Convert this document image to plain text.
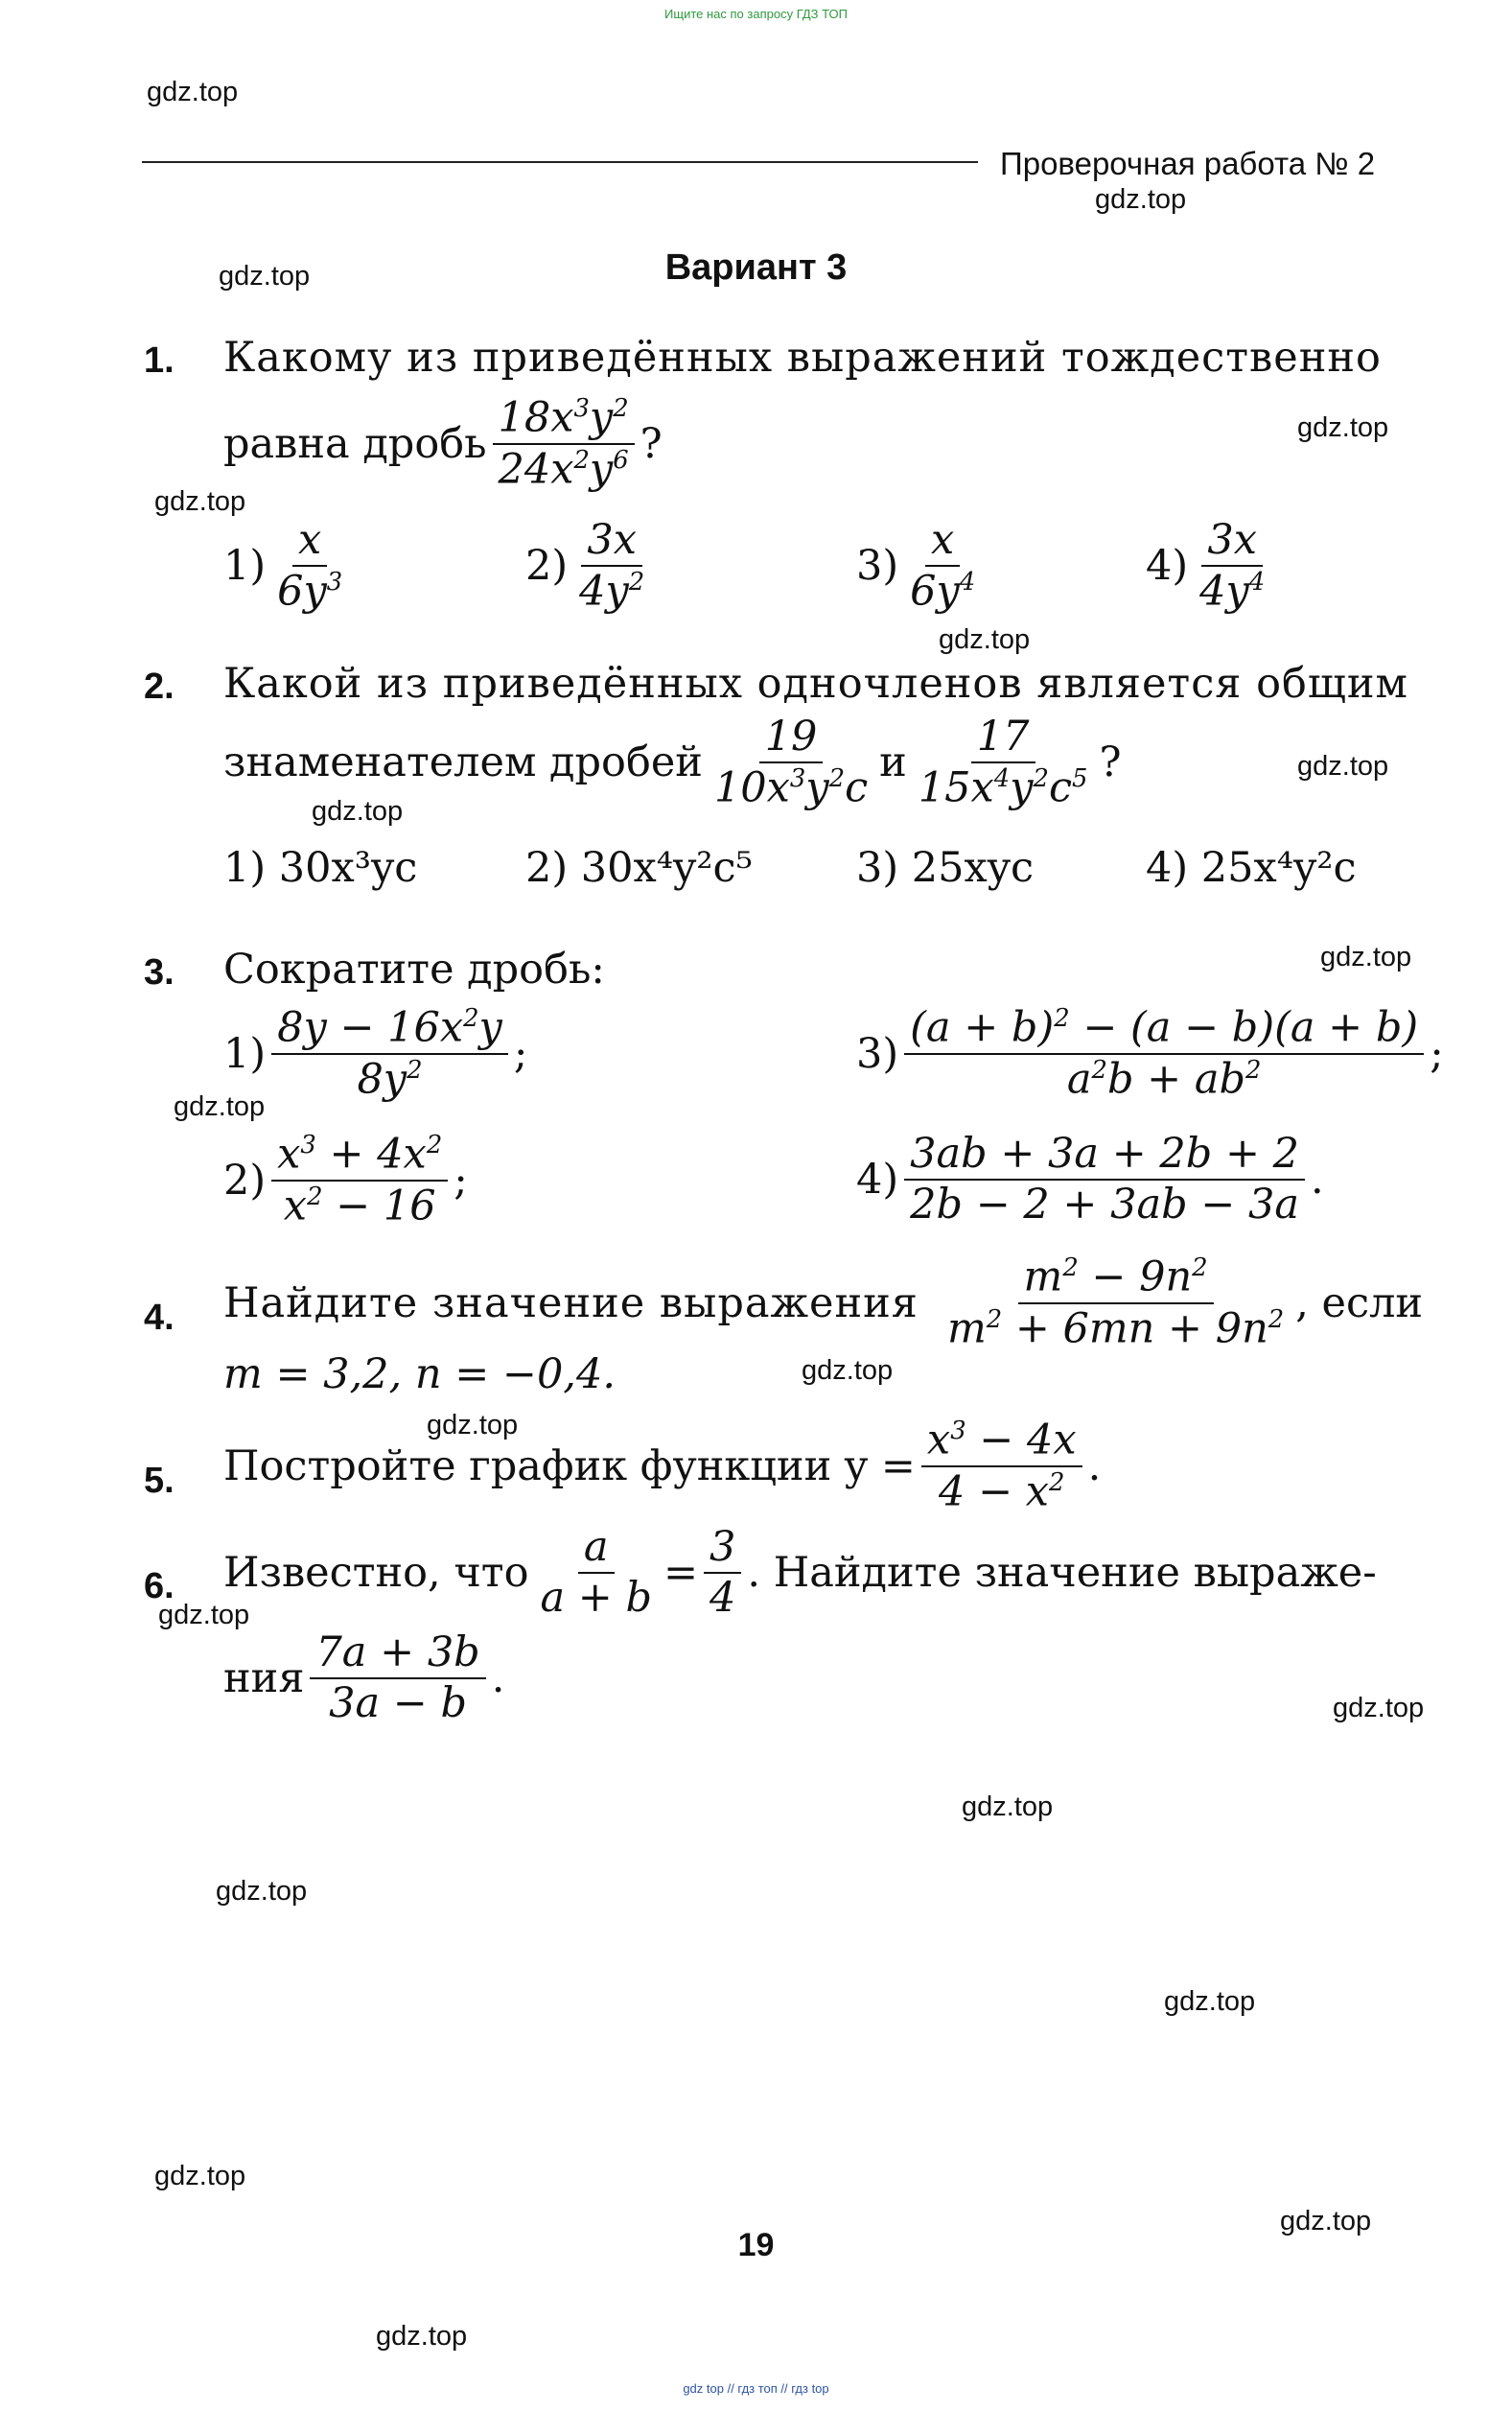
Ищите нас по запросу ГДЗ ТОП
Проверочная работа № 2
Вариант 3
1. Какому из приведённых выражений тождественно
равна дробь $\frac{18x^3y^2}{24x^2y^6}$ ?
$1) \frac{x}{6y^3}$	$2) \frac{3x}{4y^2}$	$3) \frac{x}{6y^4}$	$4) \frac{3x}{4y^4}$
2. Какой из приведённых одночленов является общим
знаменателем дробей $\frac{19}{10x^3y^2c}$ и $\frac{17}{15x^4y^2c^5}$ ?
1) 30x³yc	2) 30x⁴y²c⁵	3) 25xyc	4) 25x⁴y²c
3. Сократите дробь:
$1) \frac{8y - 16x^2y}{8y^2}$ ;
$2) \frac{x^3 + 4x^2}{x^2 - 16}$ ;
$3) \frac{(a + b)^2 - (a - b)(a + b)}{a^2b + ab^2}$ ;
$4) \frac{3ab + 3a + 2b + 2}{2b - 2 + 3ab - 3a}$ .
4. Найдите значение выражения $\frac{m^2 - 9n^2}{m^2 + 6mn + 9n^2}$ , если
m = 3,2, n = −0,4.
5. Постройте график функции $y = \frac{x^3 - 4x}{4 - x^2}$ .
6. Известно, что $\frac{a}{a + b} = \frac{3}{4}$ . Найдите значение выраже-
ния $\frac{7a + 3b}{3a - b}$ .
gdz.top
gdz.top
gdz.top
gdz.top
gdz.top
gdz.top
gdz.top
gdz.top
gdz.top
gdz.top
gdz.top
gdz.top
gdz.top
gdz.top
gdz.top
gdz.top
gdz.top
gdz.top
gdz.top
gdz.top
19
gdz top // гдз топ // гдз top
